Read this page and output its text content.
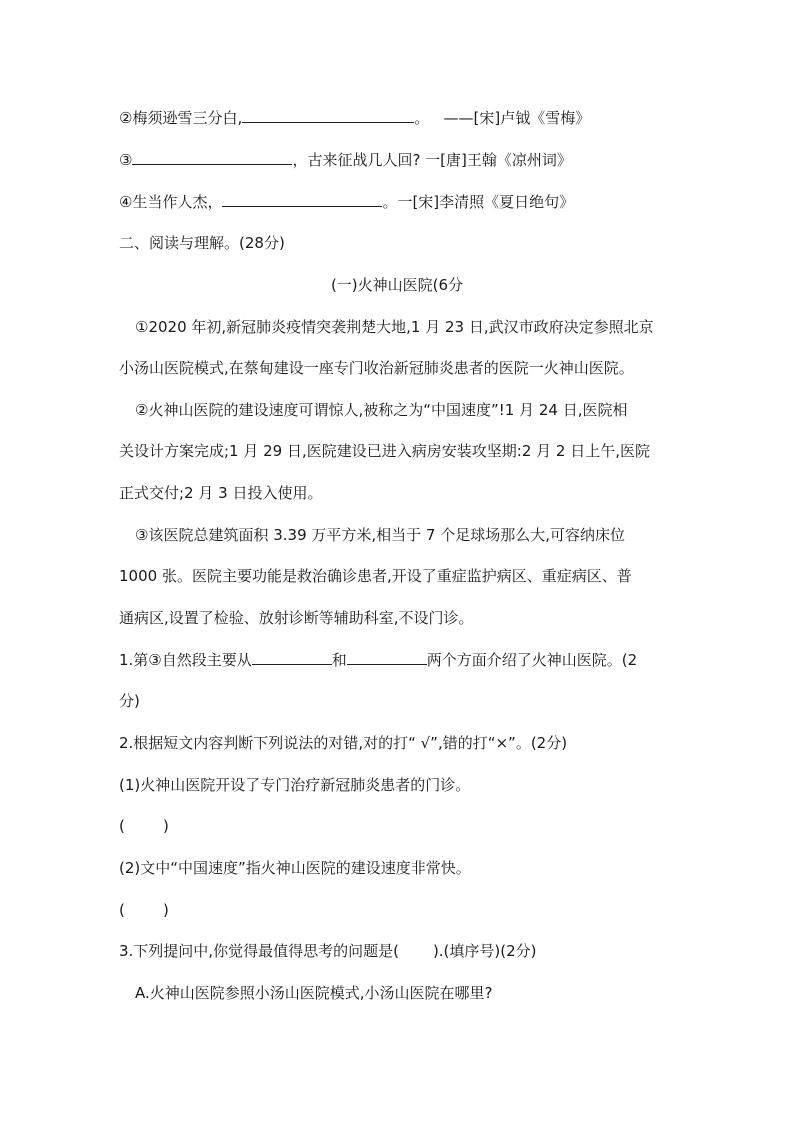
②梅须逊雪三分白,	。 ——[宋]卢钺《雪梅》
③	，古来征战几人回? 一[唐]王翰《凉州词》
④生当作人杰，	。一[宋]李清照《夏日绝句》
二、阅读与理解。(28分)
(一)火神山医院(6分
①2020 年初,新冠肺炎疫情突袭荆楚大地,1 月 23 日,武汉市政府决定参照北京
小汤山医院模式,在蔡甸建设一座专门收治新冠肺炎患者的医院一火神山医院。
②火神山医院的建设速度可谓惊人,被称之为“中国速度”!1 月 24 日,医院相
关设计方案完成;1 月 29 日,医院建设已进入病房安装攻坚期:2 月 2 日上午,医院
正式交付;2 月 3 日投入使用。
③该医院总建筑面积 3.39 万平方米,相当于 7 个足球场那么大,可容纳床位
1000 张。医院主要功能是救治确诊患者,开设了重症监护病区、重症病区、普
通病区,设置了检验、放射诊断等辅助科室,不设门诊。
1.第③自然段主要从	和	两个方面介绍了火神山医院。(2
分)
2.根据短文内容判断下列说法的对错,对的打“ √”,错的打“×”。(2分)
(1)火神山医院开设了专门治疗新冠肺炎患者的门诊。
(        )
(2)文中“中国速度”指火神山医院的建设速度非常快。
(        )
3.下列提问中,你觉得最值得思考的问题是( ).(填序号)(2分)
A.火神山医院参照小汤山医院模式,小汤山医院在哪里?
